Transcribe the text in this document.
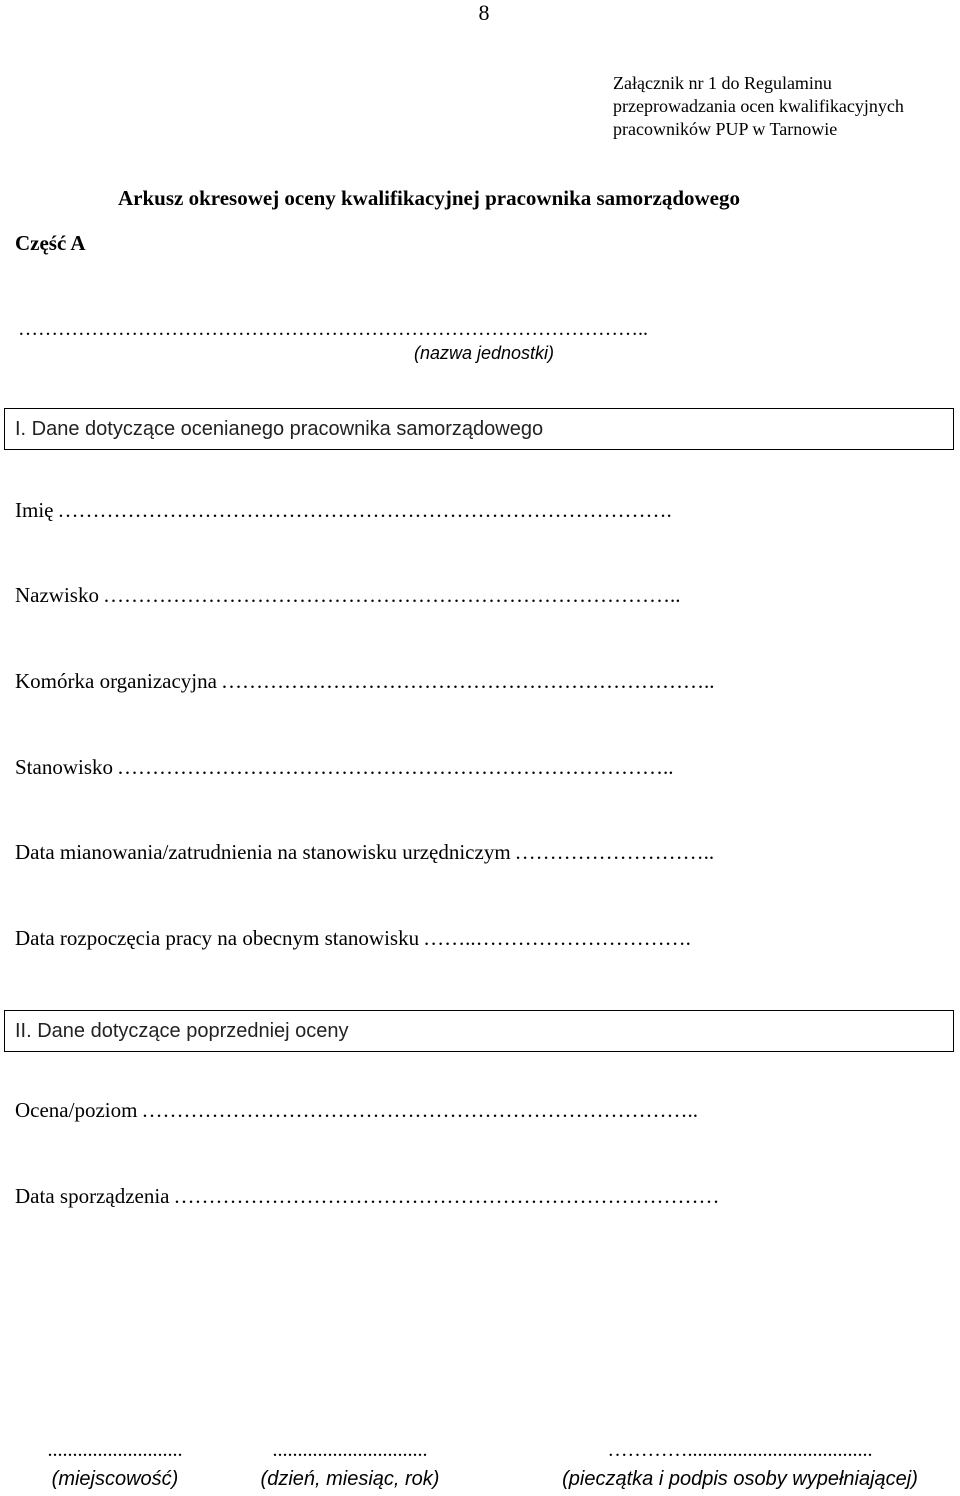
8
Załącznik nr 1 do Regulaminu
przeprowadzania ocen kwalifikacyjnych
pracowników PUP w Tarnowie
Arkusz okresowej oceny kwalifikacyjnej pracownika samorządowego
Część A
…………………………………………………………………………………..
(nazwa jednostki)
I. Dane dotyczące ocenianego pracownika samorządowego
Imię …………………………………………………………………………….
Nazwisko ………………………………………………………………………..
Komórka organizacyjna ……………………………………………………………..
Stanowisko ……………………………………………………………………..
Data mianowania/zatrudnienia na stanowisku urzędniczym ………………………..
Data rozpoczęcia pracy na obecnym stanowisku ……..………………………….
II. Dane dotyczące poprzedniej oceny
Ocena/poziom ……………………………………………………………………..
Data sporządzenia ……………………………………………………………………
...........................
(miejscowość)
...............................
(dzień, miesiąc, rok)
………….....................................
(pieczątka i podpis osoby wypełniającej)
